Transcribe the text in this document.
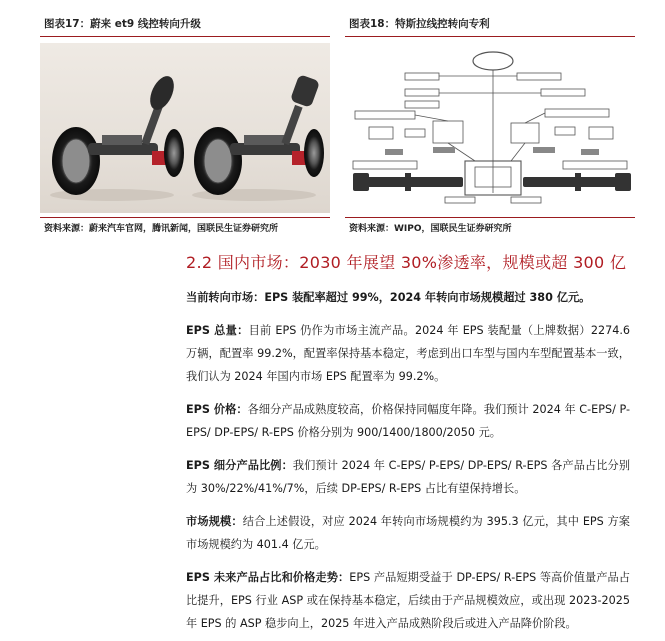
图表17：蔚来 et9 线控转向升级
资料来源：蔚来汽车官网，腾讯新闻，国联民生证券研究所
图表18：特斯拉线控转向专利
资料来源：WIPO，国联民生证券研究所
2.2 国内市场：2030 年展望 30%渗透率，规模或超 300 亿
当前转向市场：EPS 装配率超过 99%，2024 年转向市场规模超过 380 亿元。
EPS 总量：目前 EPS 仍作为市场主流产品。2024 年 EPS 装配量（上牌数据）2274.6 万辆，配置率 99.2%，配置率保持基本稳定，考虑到出口车型与国内车型配置基本一致，我们认为 2024 年国内市场 EPS 配置率为 99.2%。
EPS 价格：各细分产品成熟度较高，价格保持同幅度年降。我们预计 2024 年 C-EPS/ P-EPS/ DP-EPS/ R-EPS 价格分别为 900/1400/1800/2050 元。
EPS 细分产品比例：我们预计 2024 年 C-EPS/ P-EPS/ DP-EPS/ R-EPS 各产品占比分别为 30%/22%/41%/7%，后续 DP-EPS/ R-EPS 占比有望保持增长。
市场规模：结合上述假设，对应 2024 年转向市场规模约为 395.3 亿元，其中 EPS 方案市场规模约为 401.4 亿元。
EPS 未来产品占比和价格走势：EPS 产品短期受益于 DP-EPS/ R-EPS 等高价值量产品占比提升，EPS 行业 ASP 或在保持基本稳定，后续由于产品规模效应，或出现 2023-2025 年 EPS 的 ASP 稳步向上，2025 年进入产品成熟阶段后或进入产品降价阶段。
